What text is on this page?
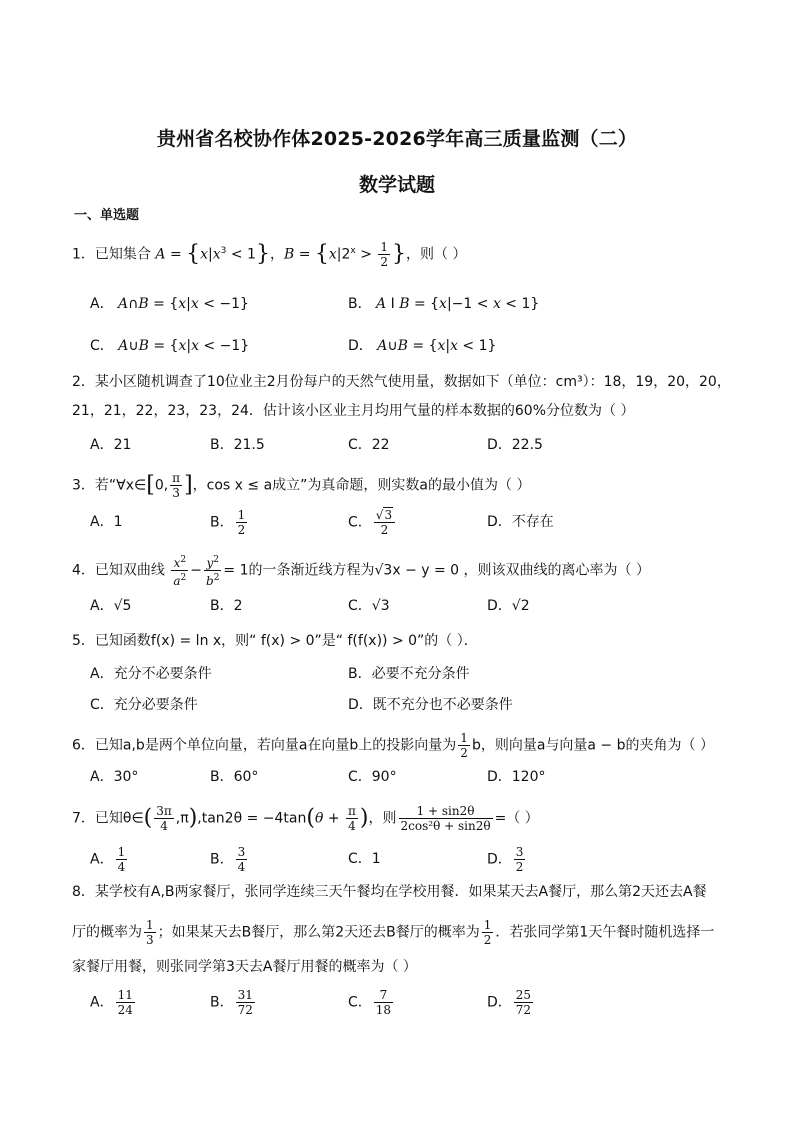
贵州省名校协作体2025-2026学年高三质量监测（二）
数学试题
一、单选题
1．已知集合 $A = \{x|x^3 < 1\}$，$B = \{x|2^x > \frac{1}{2}$ }，则（ ）
A． A∩B = {x|x < −1}	B． A I B = {x|−1 < x < 1}
C． A∪B = {x|x < −1}	D． A∪B = {x|x < 1}
2．某小区随机调查了10位业主2月份每户的天然气使用量，数据如下（单位：cm³）：18，19，20，20，
21，21，22，23，23，24．估计该小区业主月均用气量的样本数据的60%分位数为（ ）
A．21	B．21.5	C．22	D．22.5
3．若“∀x∈[0, $\frac{\pi}{3}$ ]，cos x ≤ a成立”为真命题，则实数a的最小值为（ ）
A．1	B． $\frac{1}{2}$	C． $\frac{√3}{2}$	D．不存在
4．已知双曲线 $\frac{x^2}{a^2} - \frac{y^2}{b^2} = 1$的一条渐近线方程为√3x − y = 0 ，则该双曲线的离心率为（ ）
A．√5	B．2	C．√3	D．√2
5．已知函数f(x) = ln x，则“ f(x) > 0”是“ f(f(x)) > 0”的（ ）．
A．充分不必要条件	B．必要不充分条件
C．充分必要条件	D．既不充分也不必要条件
6．已知a,b是两个单位向量，若向量a在向量b上的投影向量为 $\frac{1}{2}$ b，则向量a与向量a − b的夹角为（ ）
A．30°	B．60°	C．90°	D．120°
7．已知θ∈( $\frac{3\pi}{4} ,\pi),\tan 2\theta = -4\tan(\theta + \frac{\pi}{4}$ )，则 $\frac{1 + \sin 2\theta}{\text{2cos²θ + sin2θ}}$ =（ ）
A． $\frac{1}{4}$	B． $\frac{3}{4}$	C．1	D． $\frac{3}{2}$
8．某学校有A,B两家餐厅，张同学连续三天午餐均在学校用餐．如果某天去A餐厅，那么第2天还去A餐
厅的概率为 $\frac{1}{3}$ ；如果某天去B餐厅，那么第2天还去B餐厅的概率为 $\frac{1}{2}$ ．若张同学第1天午餐时随机选择一
家餐厅用餐，则张同学第3天去A餐厅用餐的概率为（ ）
A． $\frac{11}{24}$	B． $\frac{31}{72}$	C． $\frac{7}{18}$	D． $\frac{25}{72}$
